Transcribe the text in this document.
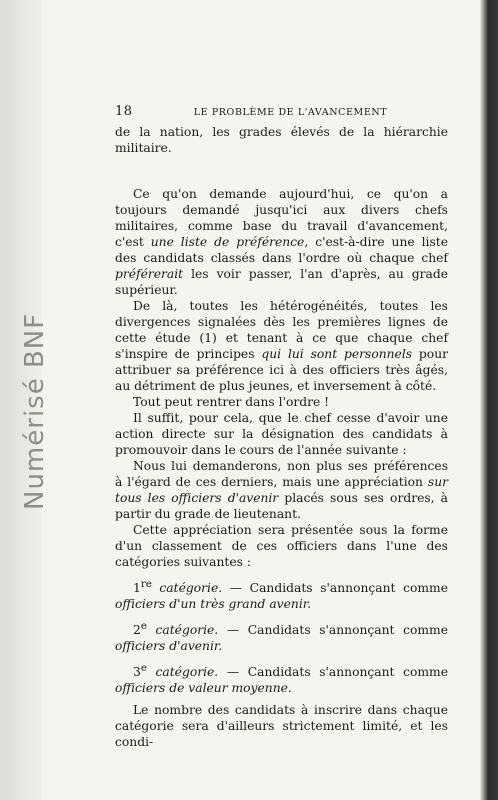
Numérisé BNF
18	LE PROBLÈME DE L'AVANCEMENT

de la nation, les grades élevés de la hiérarchie militaire.

Ce qu'on demande aujourd'hui, ce qu'on a toujours demandé jusqu'ici aux divers chefs militaires, comme base du travail d'avancement, c'est une liste de préférence, c'est-à-dire une liste des candidats classés dans l'ordre où chaque chef préférerait les voir passer, l'an d'après, au grade supérieur.

De là, toutes les hétérogénéités, toutes les divergences signalées dès les premières lignes de cette étude (1) et tenant à ce que chaque chef s'inspire de principes qui lui sont personnels pour attribuer sa préférence ici à des officiers très âgés, au détriment de plus jeunes, et inversement à côté.

Tout peut rentrer dans l'ordre !

Il suffit, pour cela, que le chef cesse d'avoir une action directe sur la désignation des candidats à promouvoir dans le cours de l'année suivante :

Nous lui demanderons, non plus ses préférences à l'égard de ces derniers, mais une appréciation sur tous les officiers d'avenir placés sous ses ordres, à partir du grade de lieutenant.

Cette appréciation sera présentée sous la forme d'un classement de ces officiers dans l'une des catégories suivantes :

1re catégorie. — Candidats s'annonçant comme officiers d'un très grand avenir.

2e catégorie. — Candidats s'annonçant comme officiers d'avenir.

3e catégorie. — Candidats s'annonçant comme officiers de valeur moyenne.

Le nombre des candidats à inscrire dans chaque catégorie sera d'ailleurs strictement limité, et les condi-
